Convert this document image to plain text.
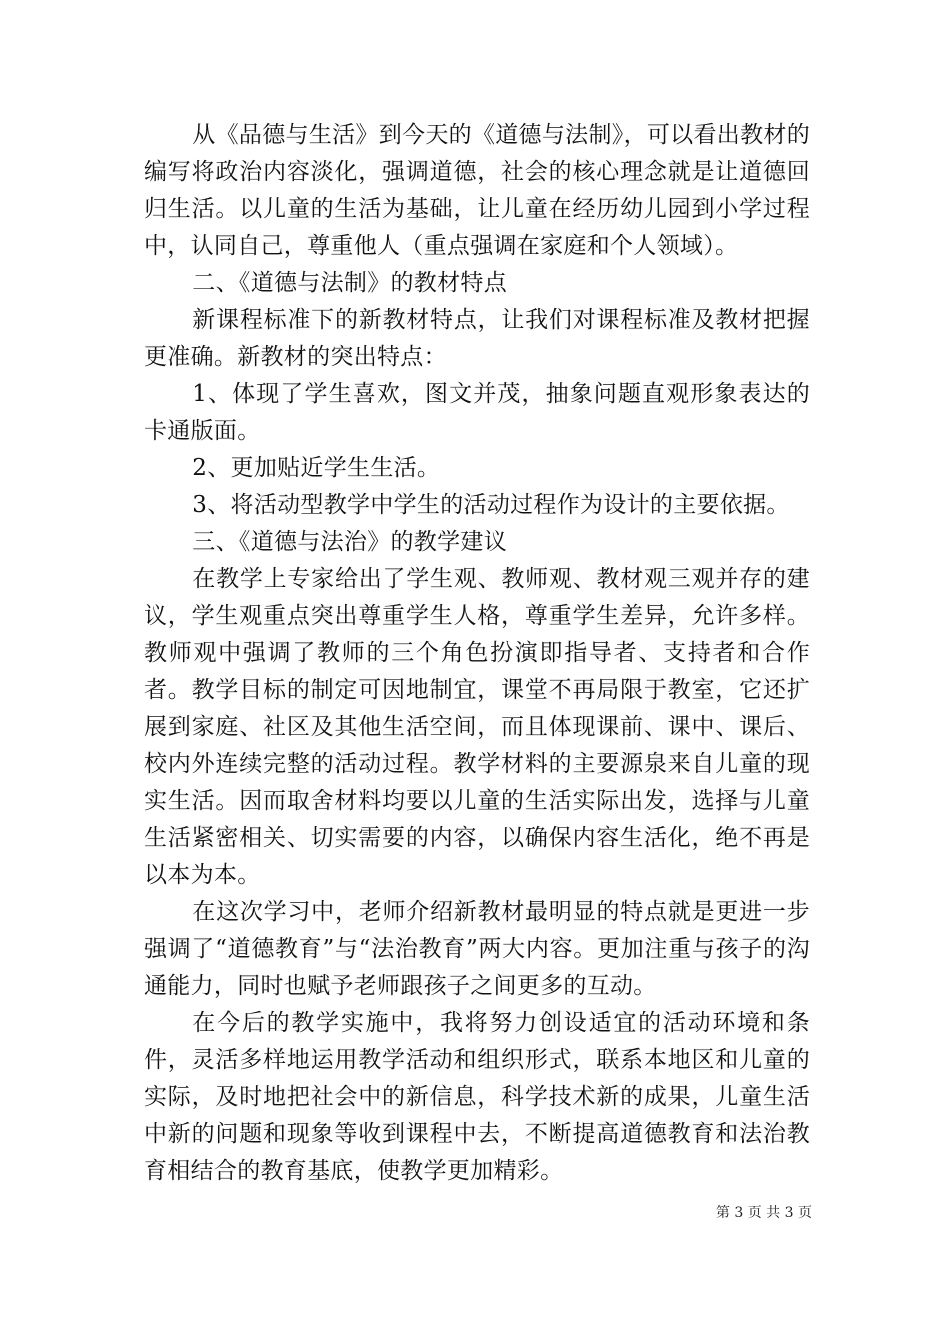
从《品德与生活》到今天的《道德与法制》，可以看出教材的编写将政治内容淡化，强调道德，社会的核心理念就是让道德回归生活。以儿童的生活为基础，让儿童在经历幼儿园到小学过程中，认同自己，尊重他人（重点强调在家庭和个人领域）。

二、《道德与法制》的教材特点

新课程标准下的新教材特点，让我们对课程标准及教材把握更准确。新教材的突出特点：

1、体现了学生喜欢，图文并茂，抽象问题直观形象表达的卡通版面。

2、更加贴近学生生活。

3、将活动型教学中学生的活动过程作为设计的主要依据。

三、《道德与法治》的教学建议

在教学上专家给出了学生观、教师观、教材观三观并存的建议，学生观重点突出尊重学生人格，尊重学生差异，允许多样。教师观中强调了教师的三个角色扮演即指导者、支持者和合作者。教学目标的制定可因地制宜，课堂不再局限于教室，它还扩展到家庭、社区及其他生活空间，而且体现课前、课中、课后、校内外连续完整的活动过程。教学材料的主要源泉来自儿童的现实生活。因而取舍材料均要以儿童的生活实际出发，选择与儿童生活紧密相关、切实需要的内容，以确保内容生活化，绝不再是以本为本。

在这次学习中，老师介绍新教材最明显的特点就是更进一步强调了“道德教育”与“法治教育”两大内容。更加注重与孩子的沟通能力，同时也赋予老师跟孩子之间更多的互动。

在今后的教学实施中，我将努力创设适宜的活动环境和条件，灵活多样地运用教学活动和组织形式，联系本地区和儿童的实际，及时地把社会中的新信息，科学技术新的成果，儿童生活中新的问题和现象等收到课程中去，不断提高道德教育和法治教育相结合的教育基底，使教学更加精彩。

第 3 页 共 3 页
